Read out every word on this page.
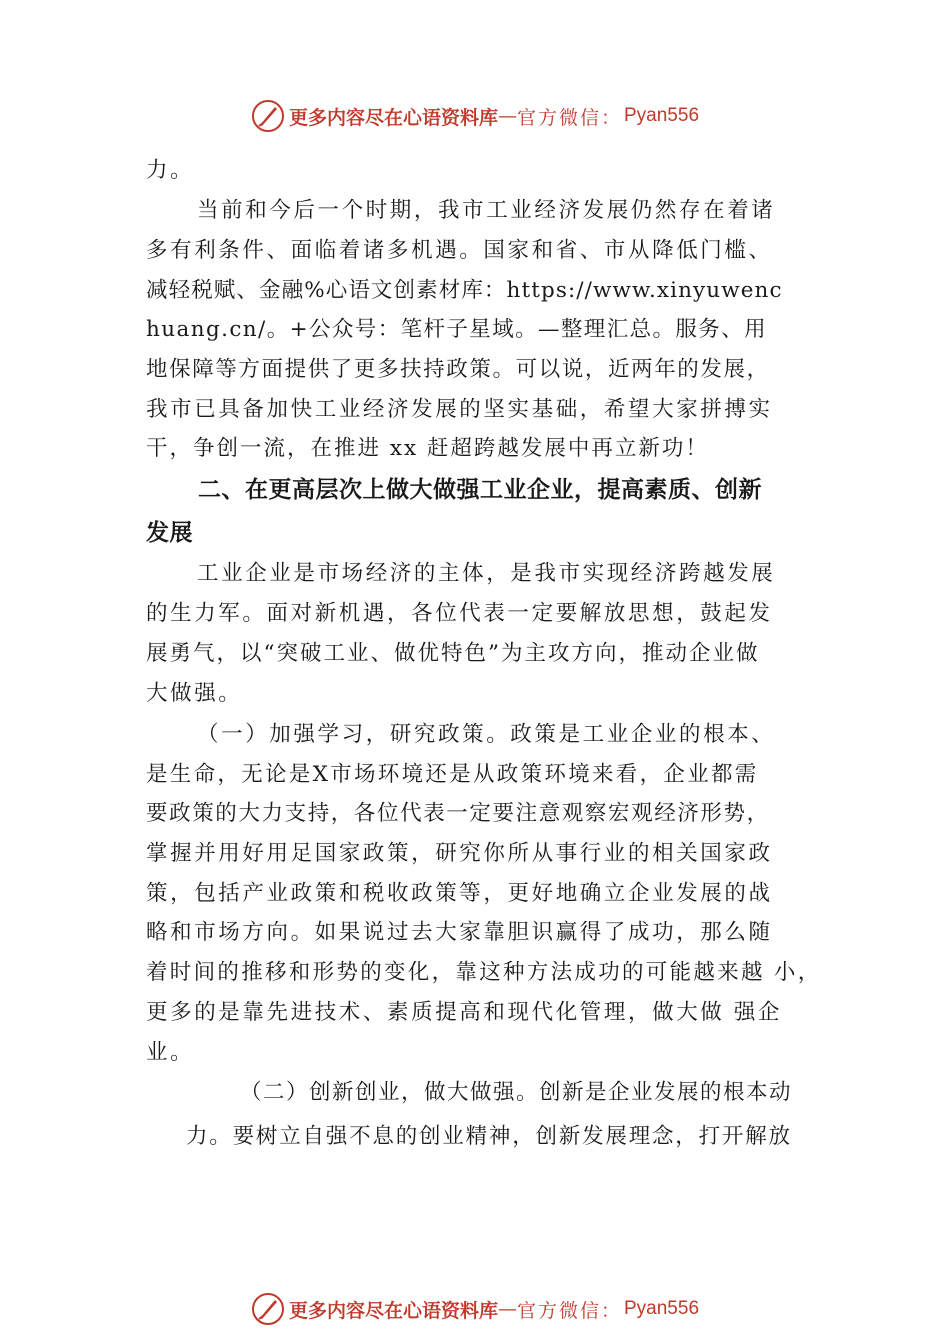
更多内容尽在心语资料库 — 官方微信： Pyan556
力。
当前和今后一个时期，我市工业经济发展仍然存在着诸
多有利条件、面临着诸多机遇。国家和省、市从降低门槛、
减轻税赋、金融%心语文创素材库：https://www.xinyuwenc
huang.cn/。+公众号：笔杆子星域。—整理汇总。服务、用
地保障等方面提供了更多扶持政策。可以说，近两年的发展，
我市已具备加快工业经济发展的坚实基础，希望大家拼搏实
干，争创一流，在推进 xx 赶超跨越发展中再立新功！
二、在更高层次上做大做强工业企业，提高素质、创新
发展
工业企业是市场经济的主体，是我市实现经济跨越发展
的生力军。面对新机遇，各位代表一定要解放思想，鼓起发
展勇气，以“突破工业、做优特色”为主攻方向，推动企业做
大做强。
（一）加强学习，研究政策。政策是工业企业的根本、
是生命，无论是X市场环境还是从政策环境来看，企业都需
要政策的大力支持，各位代表一定要注意观察宏观经济形势，
掌握并用好用足国家政策，研究你所从事行业的相关国家政
策，包括产业政策和税收政策等，更好地确立企业发展的战
略和市场方向。如果说过去大家靠胆识赢得了成功，那么随
着时间的推移和形势的变化，靠这种方法成功的可能越来越 小，
更多的是靠先进技术、素质提高和现代化管理，做大做 强企
业。
（二）创新创业，做大做强。创新是企业发展的根本动
力。要树立自强不息的创业精神，创新发展理念，打开解放
更多内容尽在心语资料库 — 官方微信： Pyan556
